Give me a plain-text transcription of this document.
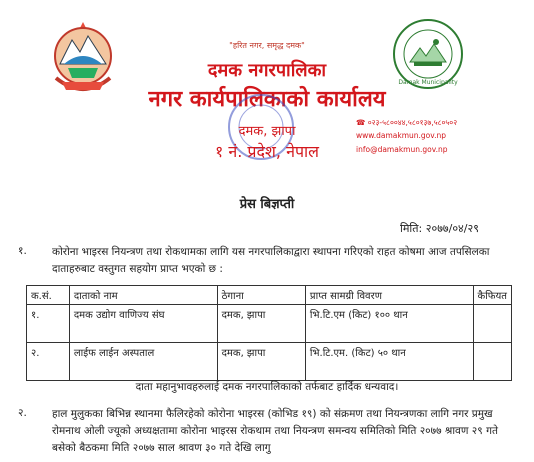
Damak Municipality
"हरित नगर, समृद्ध दमक"
दमक नगरपालिका
नगर कार्यपालिकाको कार्यालय
दमक, झापा
१ नं. प्रदेश, नेपाल
☎ ०२३-५८००४४,५८०१३७,५८०५०२
www.damakmun.gov.np
info@damakmun.gov.np
प्रेस बिज्ञप्ती
मिति: २०७७/०४/२९
१. कोरोना भाइरस नियन्त्रण तथा रोकथामका लागि यस नगरपालिकाद्वारा स्थापना गरिएको राहत कोषमा आज तपसिलका दाताहरुबाट वस्तुगत सहयोग प्राप्त भएको छ :
क.सं.	दाताको नाम	ठेगाना	प्राप्त सामग्री विवरण	कैफियत
१.	दमक उद्योग वाणिज्य संघ	दमक, झापा	भि.टि.एम (किट) १०० थान	
२.	लाईफ लाईन अस्पताल	दमक, झापा	भि.टि.एम. (किट) ५० थान	
दाता महानुभावहरुलाई दमक नगरपालिकाको तर्फबाट हार्दिक धन्यवाद।
२. हाल मुलुकका बिभिन्न स्थानमा फैलिरहेको कोरोना भाइरस (कोभिड १९) को संक्रमण तथा नियन्त्रणका लागि नगर प्रमुख रोमनाथ ओली ज्यूको अध्यक्षतामा कोरोना भाइरस रोकथाम तथा नियन्त्रण समन्वय समितिको मिति २०७७ श्रावण २९ गते बसेको बैठकमा मिति २०७७ साल श्रावण ३० गते देखि लागु
